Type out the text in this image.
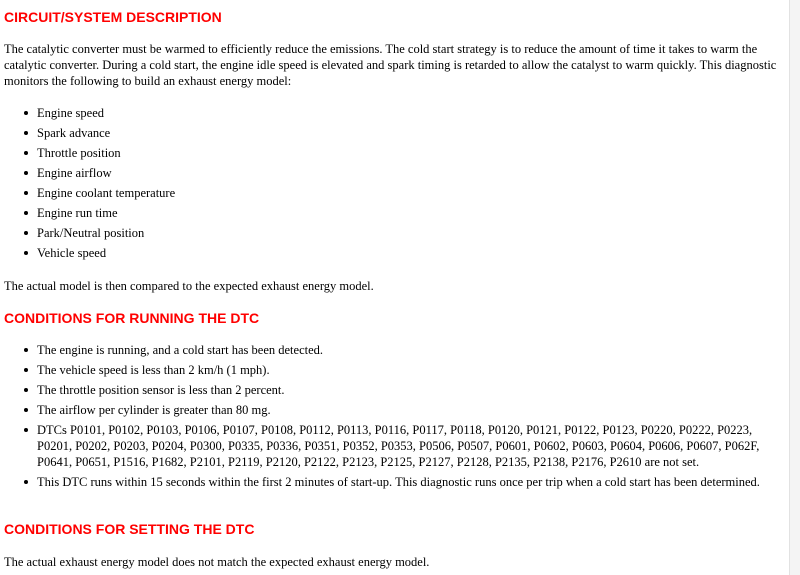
CIRCUIT/SYSTEM DESCRIPTION

The catalytic converter must be warmed to efficiently reduce the emissions. The cold start strategy is to reduce the amount of time it takes to warm the catalytic converter. During a cold start, the engine idle speed is elevated and spark timing is retarded to allow the catalyst to warm quickly. This diagnostic monitors the following to build an exhaust energy model:

Engine speed
Spark advance
Throttle position
Engine airflow
Engine coolant temperature
Engine run time
Park/Neutral position
Vehicle speed

The actual model is then compared to the expected exhaust energy model.

CONDITIONS FOR RUNNING THE DTC
The engine is running, and a cold start has been detected.
The vehicle speed is less than 2 km/h (1 mph).
The throttle position sensor is less than 2 percent.
The airflow per cylinder is greater than 80 mg.
DTCs P0101, P0102, P0103, P0106, P0107, P0108, P0112, P0113, P0116, P0117, P0118, P0120, P0121, P0122, P0123, P0220, P0222, P0223, P0201, P0202, P0203, P0204, P0300, P0335, P0336, P0351, P0352, P0353, P0506, P0507, P0601, P0602, P0603, P0604, P0606, P0607, P062F, P0641, P0651, P1516, P1682, P2101, P2119, P2120, P2122, P2123, P2125, P2127, P2128, P2135, P2138, P2176, P2610 are not set.
This DTC runs within 15 seconds within the first 2 minutes of start-up. This diagnostic runs once per trip when a cold start has been determined.
CONDITIONS FOR SETTING THE DTC

The actual exhaust energy model does not match the expected exhaust energy model.
